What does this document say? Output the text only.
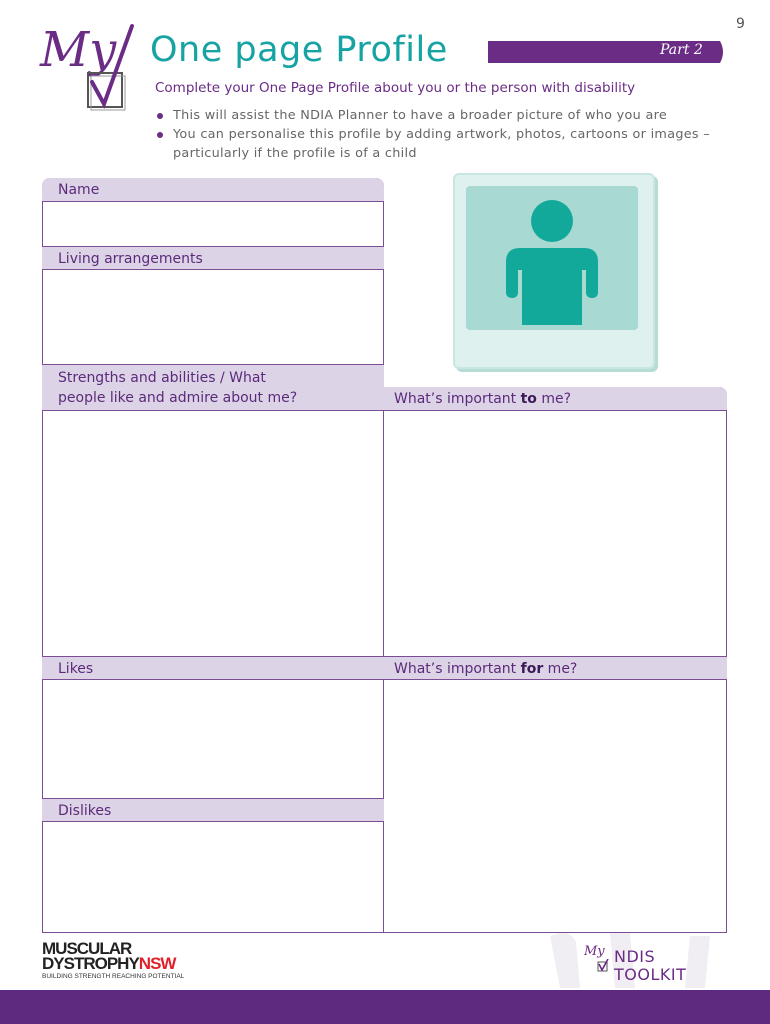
9
My One page Profile	Part 2
Complete your One Page Profile about you or the person with disability
This will assist the NDIA Planner to have a broader picture of who you are
You can personalise this profile by adding artwork, photos, cartoons or images – particularly if the profile is of a child
Name
Living arrangements
Strengths and abilities / What
people like and admire about me?
Likes
Dislikes
What’s important to me?
What’s important for me?
MUSCULAR
DYSTROPHYNSW
BUILDING STRENGTH REACHING POTENTIAL
My NDIS
TOOLKIT
